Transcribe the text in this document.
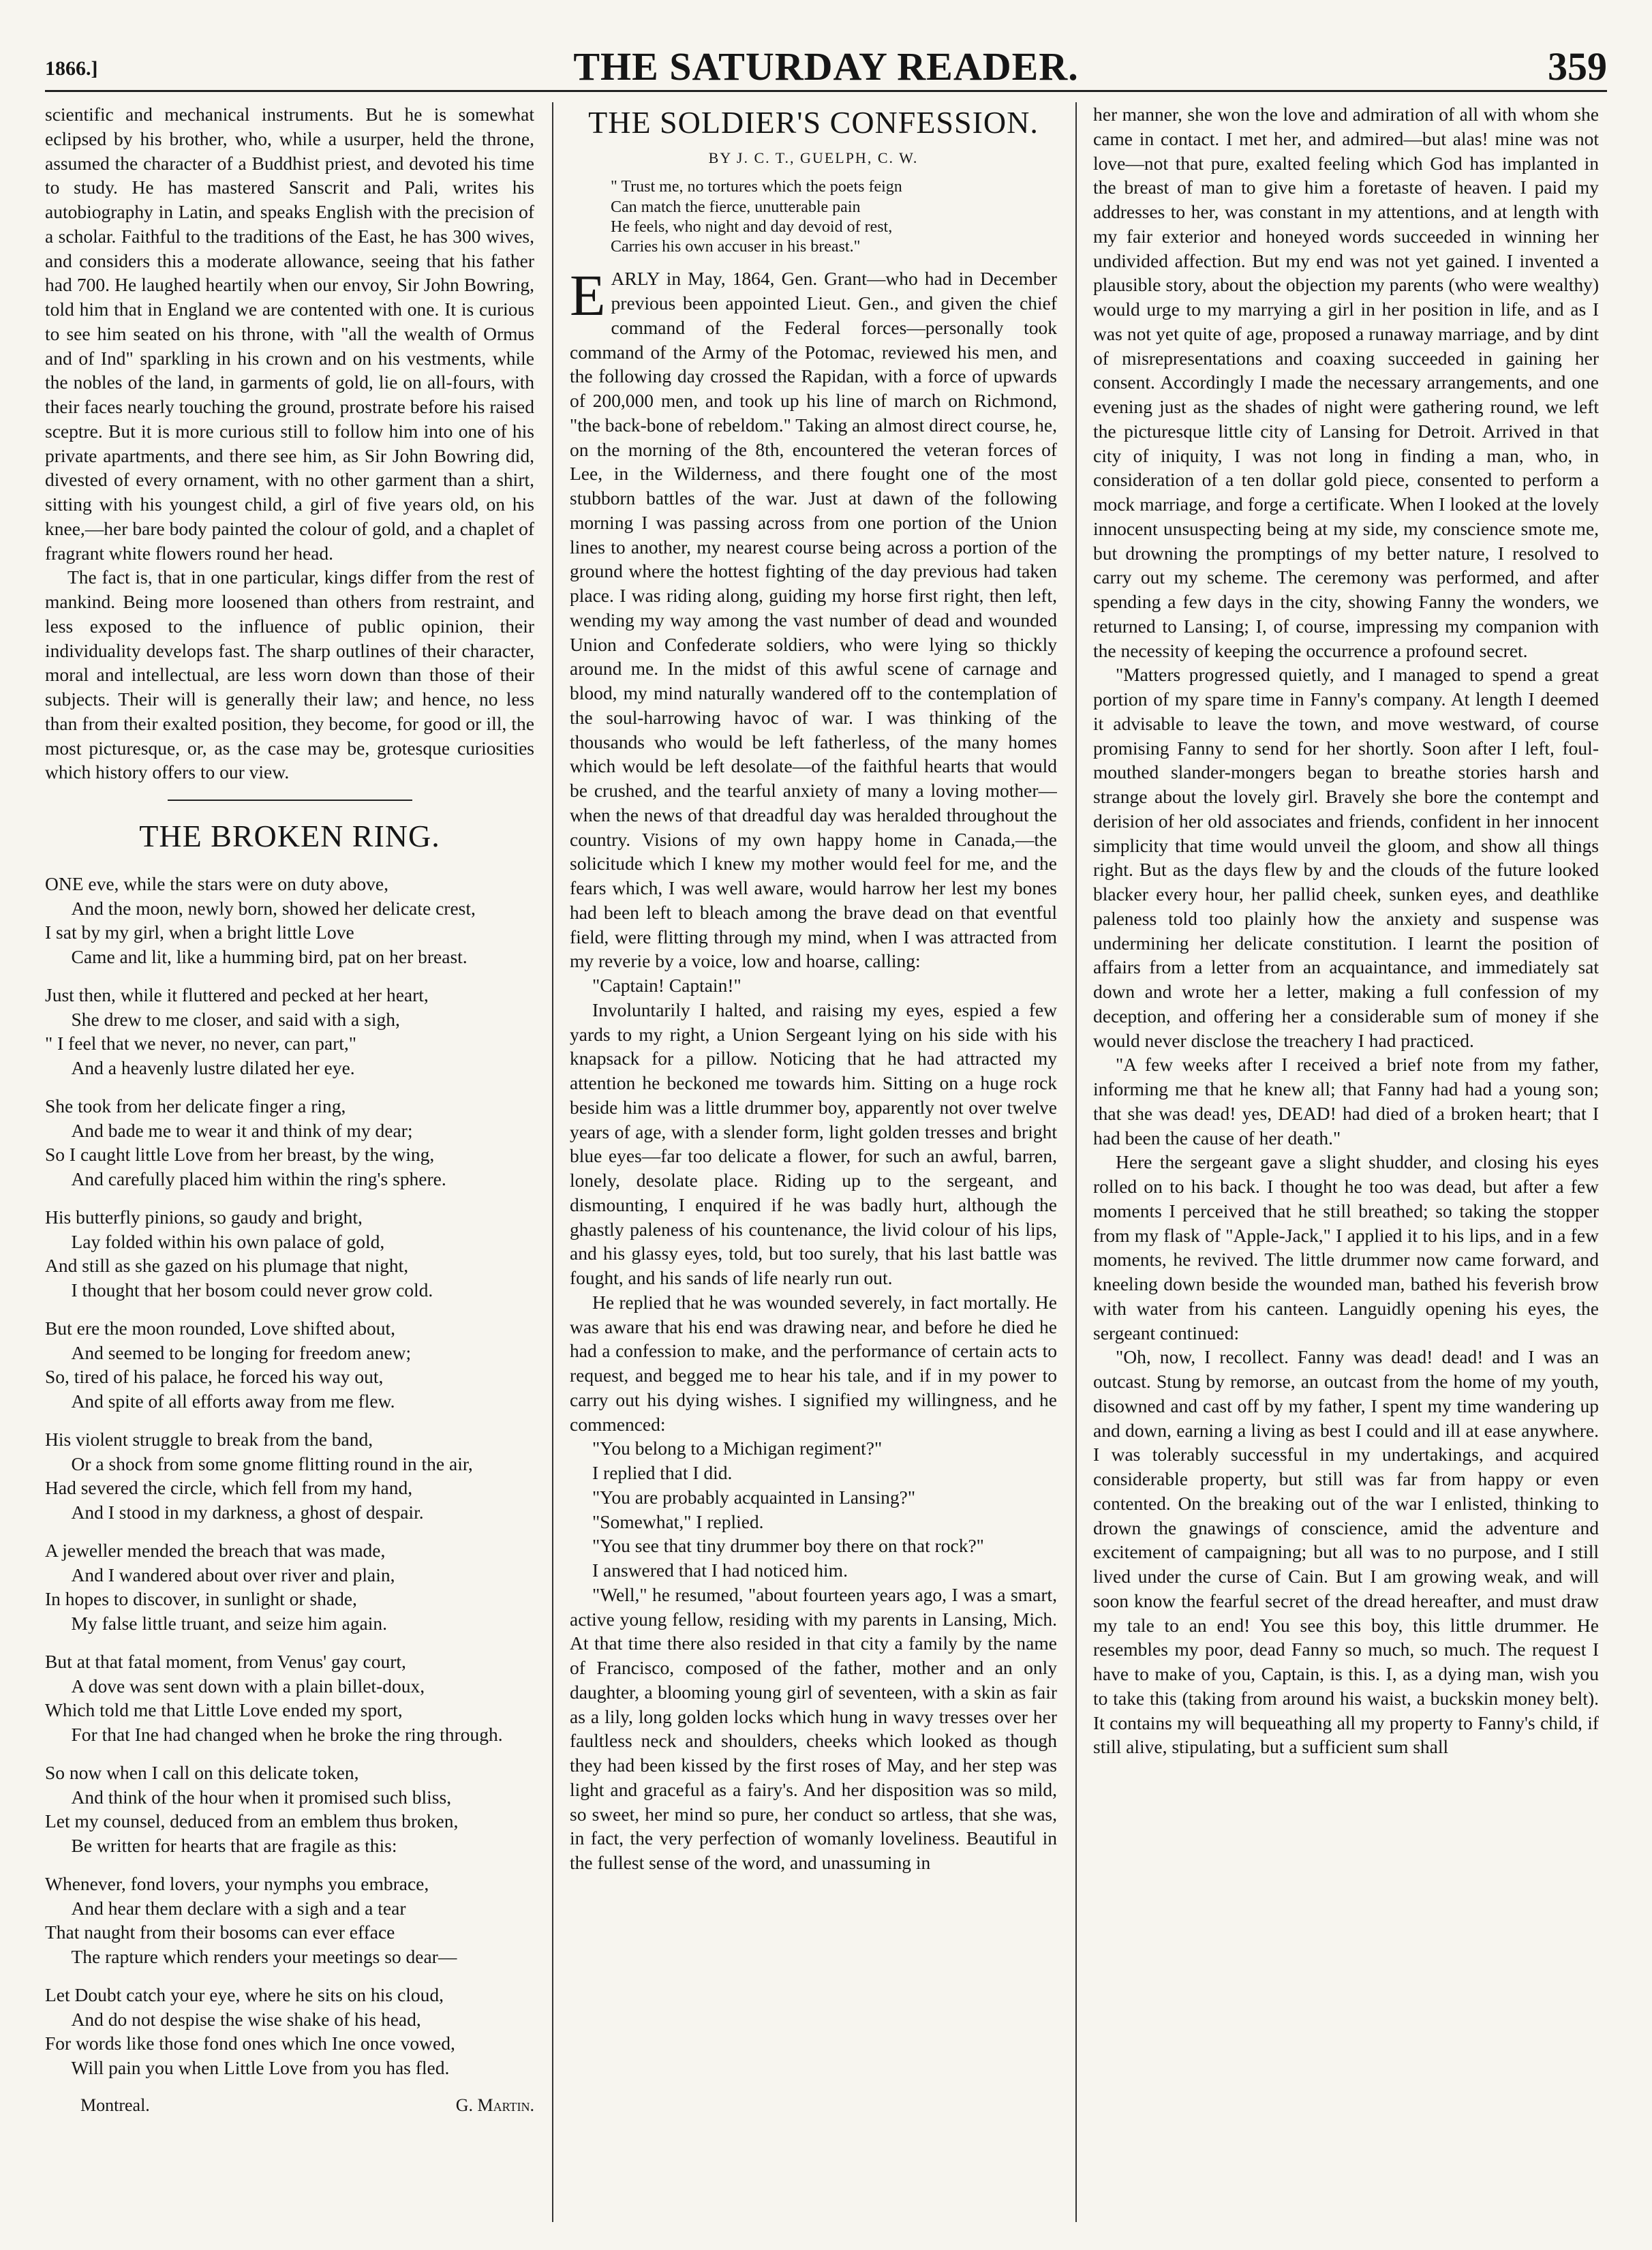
1866.]	THE SATURDAY READER.	359

scientific and mechanical instruments. But he is somewhat eclipsed by his brother, who, while a usurper, held the throne, assumed the character of a Buddhist priest, and devoted his time to study. He has mastered Sanscrit and Pali, writes his autobiography in Latin, and speaks English with the precision of a scholar. Faithful to the traditions of the East, he has 300 wives, and considers this a moderate allowance, seeing that his father had 700. He laughed heartily when our envoy, Sir John Bowring, told him that in England we are contented with one. It is curious to see him seated on his throne, with "all the wealth of Ormus and of Ind" sparkling in his crown and on his vestments, while the nobles of the land, in garments of gold, lie on all-fours, with their faces nearly touching the ground, prostrate before his raised sceptre. But it is more curious still to follow him into one of his private apartments, and there see him, as Sir John Bowring did, divested of every ornament, with no other garment than a shirt, sitting with his youngest child, a girl of five years old, on his knee,—her bare body painted the colour of gold, and a chaplet of fragrant white flowers round her head.

The fact is, that in one particular, kings differ from the rest of mankind. Being more loosened than others from restraint, and less exposed to the influence of public opinion, their individuality develops fast. The sharp outlines of their character, moral and intellectual, are less worn down than those of their subjects. Their will is generally their law; and hence, no less than from their exalted position, they become, for good or ill, the most picturesque, or, as the case may be, grotesque curiosities which history offers to our view.

THE BROKEN RING.
ONE eve, while the stars were on duty above,
And the moon, newly born, showed her delicate crest,
I sat by my girl, when a bright little Love
Came and lit, like a humming bird, pat on her breast.
Just then, while it fluttered and pecked at her heart,
She drew to me closer, and said with a sigh,
" I feel that we never, no never, can part,"
And a heavenly lustre dilated her eye.
She took from her delicate finger a ring,
And bade me to wear it and think of my dear;
So I caught little Love from her breast, by the wing,
And carefully placed him within the ring's sphere.
His butterfly pinions, so gaudy and bright,
Lay folded within his own palace of gold,
And still as she gazed on his plumage that night,
I thought that her bosom could never grow cold.
But ere the moon rounded, Love shifted about,
And seemed to be longing for freedom anew;
So, tired of his palace, he forced his way out,
And spite of all efforts away from me flew.
His violent struggle to break from the band,
Or a shock from some gnome flitting round in the air,
Had severed the circle, which fell from my hand,
And I stood in my darkness, a ghost of despair.
A jeweller mended the breach that was made,
And I wandered about over river and plain,
In hopes to discover, in sunlight or shade,
My false little truant, and seize him again.
But at that fatal moment, from Venus' gay court,
A dove was sent down with a plain billet-doux,
Which told me that Little Love ended my sport,
For that Ine had changed when he broke the ring through.
So now when I call on this delicate token,
And think of the hour when it promised such bliss,
Let my counsel, deduced from an emblem thus broken,
Be written for hearts that are fragile as this:
Whenever, fond lovers, your nymphs you embrace,
And hear them declare with a sigh and a tear
That naught from their bosoms can ever efface
The rapture which renders your meetings so dear—
Let Doubt catch your eye, where he sits on his cloud,
And do not despise the wise shake of his head,
For words like those fond ones which Ine once vowed,
Will pain you when Little Love from you has fled.
Montreal.	G. Martin.
THE SOLDIER'S CONFESSION.
BY J. C. T., GUELPH, C. W.
" Trust me, no tortures which the poets feign
Can match the fierce, unutterable pain
He feels, who night and day devoid of rest,
Carries his own accuser in his breast."

EARLY in May, 1864, Gen. Grant—who had in December previous been appointed Lieut. Gen., and given the chief command of the Federal forces—personally took command of the Army of the Potomac, reviewed his men, and the following day crossed the Rapidan, with a force of upwards of 200,000 men, and took up his line of march on Richmond, "the back-bone of rebeldom." Taking an almost direct course, he, on the morning of the 8th, encountered the veteran forces of Lee, in the Wilderness, and there fought one of the most stubborn battles of the war. Just at dawn of the following morning I was passing across from one portion of the Union lines to another, my nearest course being across a portion of the ground where the hottest fighting of the day previous had taken place. I was riding along, guiding my horse first right, then left, wending my way among the vast number of dead and wounded Union and Confederate soldiers, who were lying so thickly around me. In the midst of this awful scene of carnage and blood, my mind naturally wandered off to the contemplation of the soul-harrowing havoc of war. I was thinking of the thousands who would be left fatherless, of the many homes which would be left desolate—of the faithful hearts that would be crushed, and the tearful anxiety of many a loving mother—when the news of that dreadful day was heralded throughout the country. Visions of my own happy home in Canada,—the solicitude which I knew my mother would feel for me, and the fears which, I was well aware, would harrow her lest my bones had been left to bleach among the brave dead on that eventful field, were flitting through my mind, when I was attracted from my reverie by a voice, low and hoarse, calling:

"Captain! Captain!"

Involuntarily I halted, and raising my eyes, espied a few yards to my right, a Union Sergeant lying on his side with his knapsack for a pillow. Noticing that he had attracted my attention he beckoned me towards him. Sitting on a huge rock beside him was a little drummer boy, apparently not over twelve years of age, with a slender form, light golden tresses and bright blue eyes—far too delicate a flower, for such an awful, barren, lonely, desolate place. Riding up to the sergeant, and dismounting, I enquired if he was badly hurt, although the ghastly paleness of his countenance, the livid colour of his lips, and his glassy eyes, told, but too surely, that his last battle was fought, and his sands of life nearly run out.

He replied that he was wounded severely, in fact mortally. He was aware that his end was drawing near, and before he died he had a confession to make, and the performance of certain acts to request, and begged me to hear his tale, and if in my power to carry out his dying wishes. I signified my willingness, and he commenced:

"You belong to a Michigan regiment?"

I replied that I did.

"You are probably acquainted in Lansing?"

"Somewhat," I replied.

"You see that tiny drummer boy there on that rock?"

I answered that I had noticed him.

"Well," he resumed, "about fourteen years ago, I was a smart, active young fellow, residing with my parents in Lansing, Mich. At that time there also resided in that city a family by the name of Francisco, composed of the father, mother and an only daughter, a blooming young girl of seventeen, with a skin as fair as a lily, long golden locks which hung in wavy tresses over her faultless neck and shoulders, cheeks which looked as though they had been kissed by the first roses of May, and her step was light and graceful as a fairy's. And her disposition was so mild, so sweet, her mind so pure, her conduct so artless, that she was, in fact, the very perfection of womanly loveliness. Beautiful in the fullest sense of the word, and unassuming in

her manner, she won the love and admiration of all with whom she came in contact. I met her, and admired—but alas! mine was not love—not that pure, exalted feeling which God has implanted in the breast of man to give him a foretaste of heaven. I paid my addresses to her, was constant in my attentions, and at length with my fair exterior and honeyed words succeeded in winning her undivided affection. But my end was not yet gained. I invented a plausible story, about the objection my parents (who were wealthy) would urge to my marrying a girl in her position in life, and as I was not yet quite of age, proposed a runaway marriage, and by dint of misrepresentations and coaxing succeeded in gaining her consent. Accordingly I made the necessary arrangements, and one evening just as the shades of night were gathering round, we left the picturesque little city of Lansing for Detroit. Arrived in that city of iniquity, I was not long in finding a man, who, in consideration of a ten dollar gold piece, consented to perform a mock marriage, and forge a certificate. When I looked at the lovely innocent unsuspecting being at my side, my conscience smote me, but drowning the promptings of my better nature, I resolved to carry out my scheme. The ceremony was performed, and after spending a few days in the city, showing Fanny the wonders, we returned to Lansing; I, of course, impressing my companion with the necessity of keeping the occurrence a profound secret.

"Matters progressed quietly, and I managed to spend a great portion of my spare time in Fanny's company. At length I deemed it advisable to leave the town, and move westward, of course promising Fanny to send for her shortly. Soon after I left, foul-mouthed slander-mongers began to breathe stories harsh and strange about the lovely girl. Bravely she bore the contempt and derision of her old associates and friends, confident in her innocent simplicity that time would unveil the gloom, and show all things right. But as the days flew by and the clouds of the future looked blacker every hour, her pallid cheek, sunken eyes, and deathlike paleness told too plainly how the anxiety and suspense was undermining her delicate constitution. I learnt the position of affairs from a letter from an acquaintance, and immediately sat down and wrote her a letter, making a full confession of my deception, and offering her a considerable sum of money if she would never disclose the treachery I had practiced.

"A few weeks after I received a brief note from my father, informing me that he knew all; that Fanny had had a young son; that she was dead! yes, DEAD! had died of a broken heart; that I had been the cause of her death."

Here the sergeant gave a slight shudder, and closing his eyes rolled on to his back. I thought he too was dead, but after a few moments I perceived that he still breathed; so taking the stopper from my flask of "Apple-Jack," I applied it to his lips, and in a few moments, he revived. The little drummer now came forward, and kneeling down beside the wounded man, bathed his feverish brow with water from his canteen. Languidly opening his eyes, the sergeant continued:

"Oh, now, I recollect. Fanny was dead! dead! and I was an outcast. Stung by remorse, an outcast from the home of my youth, disowned and cast off by my father, I spent my time wandering up and down, earning a living as best I could and ill at ease anywhere. I was tolerably successful in my undertakings, and acquired considerable property, but still was far from happy or even contented. On the breaking out of the war I enlisted, thinking to drown the gnawings of conscience, amid the adventure and excitement of campaigning; but all was to no purpose, and I still lived under the curse of Cain. But I am growing weak, and will soon know the fearful secret of the dread hereafter, and must draw my tale to an end! You see this boy, this little drummer. He resembles my poor, dead Fanny so much, so much. The request I have to make of you, Captain, is this. I, as a dying man, wish you to take this (taking from around his waist, a buckskin money belt). It contains my will bequeathing all my property to Fanny's child, if still alive, stipulating, but a sufficient sum shall
